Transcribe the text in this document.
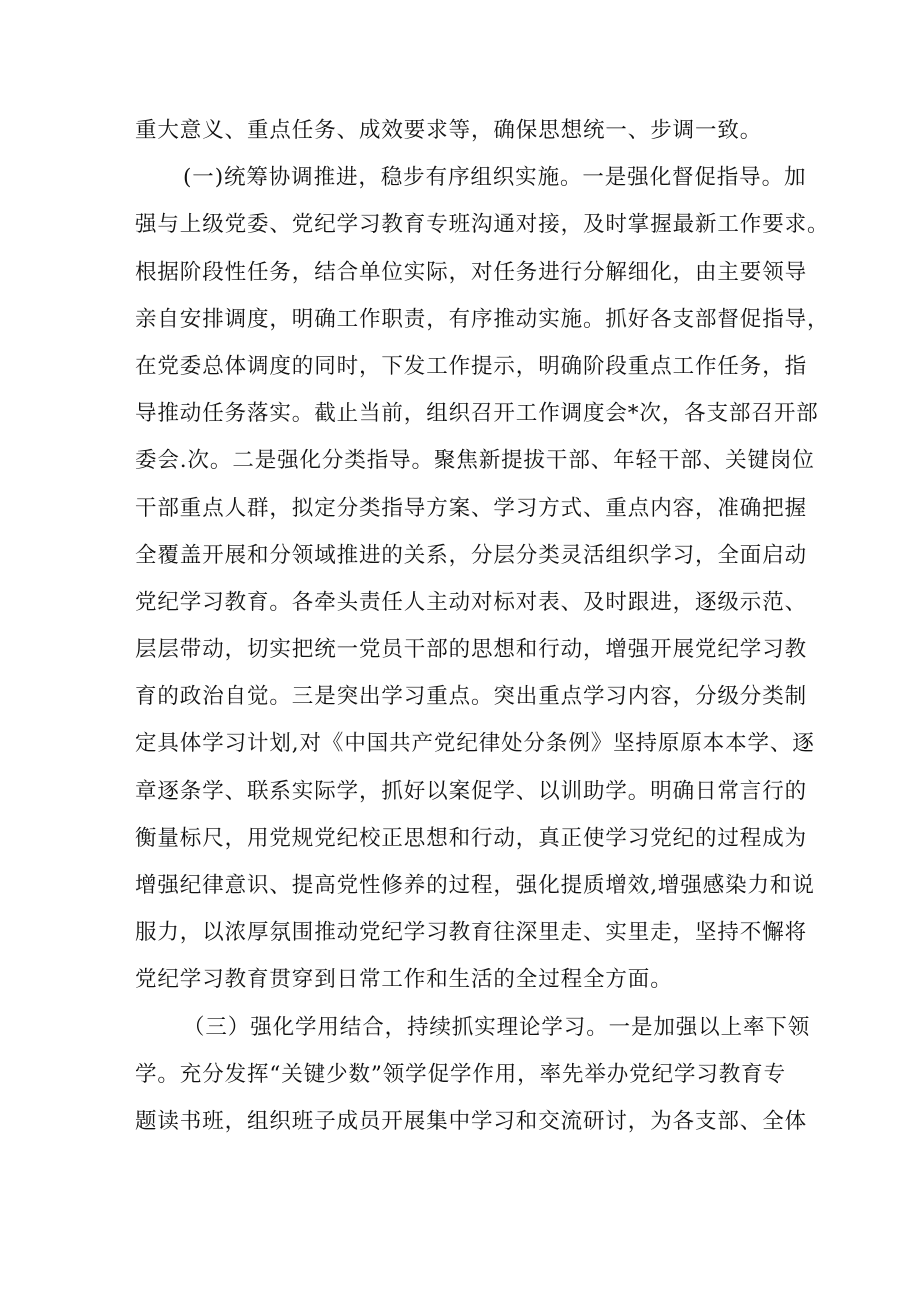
重大意义、重点任务、成效要求等，确保思想统一、步调一致。
(一)统筹协调推进，稳步有序组织实施。一是强化督促指导。加
强与上级党委、党纪学习教育专班沟通对接，及时掌握最新工作要求。
根据阶段性任务，结合单位实际，对任务进行分解细化，由主要领导
亲自安排调度，明确工作职责，有序推动实施。抓好各支部督促指导，
在党委总体调度的同时，下发工作提示，明确阶段重点工作任务，指
导推动任务落实。截止当前，组织召开工作调度会*次，各支部召开部
委会.次。二是强化分类指导。聚焦新提拔干部、年轻干部、关键岗位
干部重点人群，拟定分类指导方案、学习方式、重点内容，准确把握
全覆盖开展和分领域推进的关系，分层分类灵活组织学习，全面启动
党纪学习教育。各牵头责任人主动对标对表、及时跟进，逐级示范、
层层带动，切实把统一党员干部的思想和行动，增强开展党纪学习教
育的政治自觉。三是突出学习重点。突出重点学习内容，分级分类制
定具体学习计划,对《中国共产党纪律处分条例》坚持原原本本学、逐
章逐条学、联系实际学，抓好以案促学、以训助学。明确日常言行的
衡量标尺，用党规党纪校正思想和行动，真正使学习党纪的过程成为
增强纪律意识、提高党性修养的过程，强化提质增效,增强感染力和说
服力，以浓厚氛围推动党纪学习教育往深里走、实里走，坚持不懈将
党纪学习教育贯穿到日常工作和生活的全过程全方面。
（三）强化学用结合，持续抓实理论学习。一是加强以上率下领
学。充分发挥“关键少数”领学促学作用，率先举办党纪学习教育专
题读书班，组织班子成员开展集中学习和交流研讨，为各支部、全体
